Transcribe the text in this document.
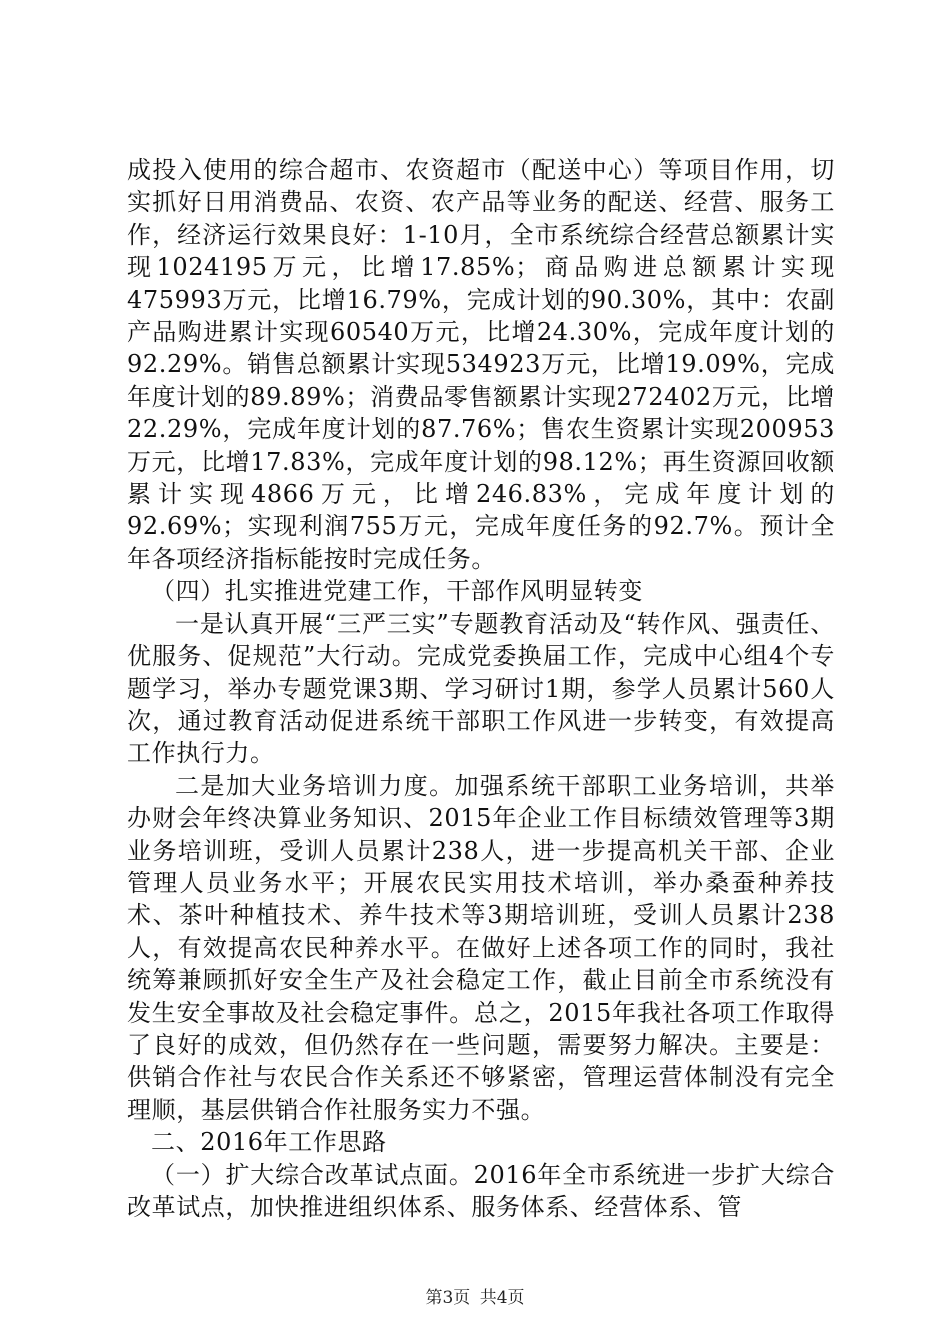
成投入使用的综合超市、农资超市（配送中心）等项目作用，切实抓好日用消费品、农资、农产品等业务的配送、经营、服务工作，经济运行效果良好：1-10月，全市系统综合经营总额累计实现1024195万元，比增17.85%；商品购进总额累计实现475993万元，比增16.79%，完成计划的90.30%，其中：农副产品购进累计实现60540万元，比增24.30%，完成年度计划的92.29%。销售总额累计实现534923万元，比增19.09%，完成年度计划的89.89%；消费品零售额累计实现272402万元，比增22.29%，完成年度计划的87.76%；售农生资累计实现200953万元，比增17.83%，完成年度计划的98.12%；再生资源回收额累计实现4866万元，比增246.83%，完成年度计划的92.69%；实现利润755万元，完成年度任务的92.7%。预计全年各项经济指标能按时完成任务。

（四）扎实推进党建工作，干部作风明显转变

一是认真开展“三严三实”专题教育活动及“转作风、强责任、优服务、促规范”大行动。完成党委换届工作，完成中心组4个专题学习，举办专题党课3期、学习研讨1期，参学人员累计560人次，通过教育活动促进系统干部职工作风进一步转变，有效提高工作执行力。

二是加大业务培训力度。加强系统干部职工业务培训，共举办财会年终决算业务知识、2015年企业工作目标绩效管理等3期业务培训班，受训人员累计238人，进一步提高机关干部、企业管理人员业务水平；开展农民实用技术培训，举办桑蚕种养技术、茶叶种植技术、养牛技术等3期培训班，受训人员累计238人，有效提高农民种养水平。在做好上述各项工作的同时，我社统筹兼顾抓好安全生产及社会稳定工作，截止目前全市系统没有发生安全事故及社会稳定事件。总之，2015年我社各项工作取得了良好的成效，但仍然存在一些问题，需要努力解决。主要是：供销合作社与农民合作关系还不够紧密，管理运营体制没有完全理顺，基层供销合作社服务实力不强。

二、2016年工作思路

（一）扩大综合改革试点面。2016年全市系统进一步扩大综合改革试点，加快推进组织体系、服务体系、经营体系、管

第3页 共4页
